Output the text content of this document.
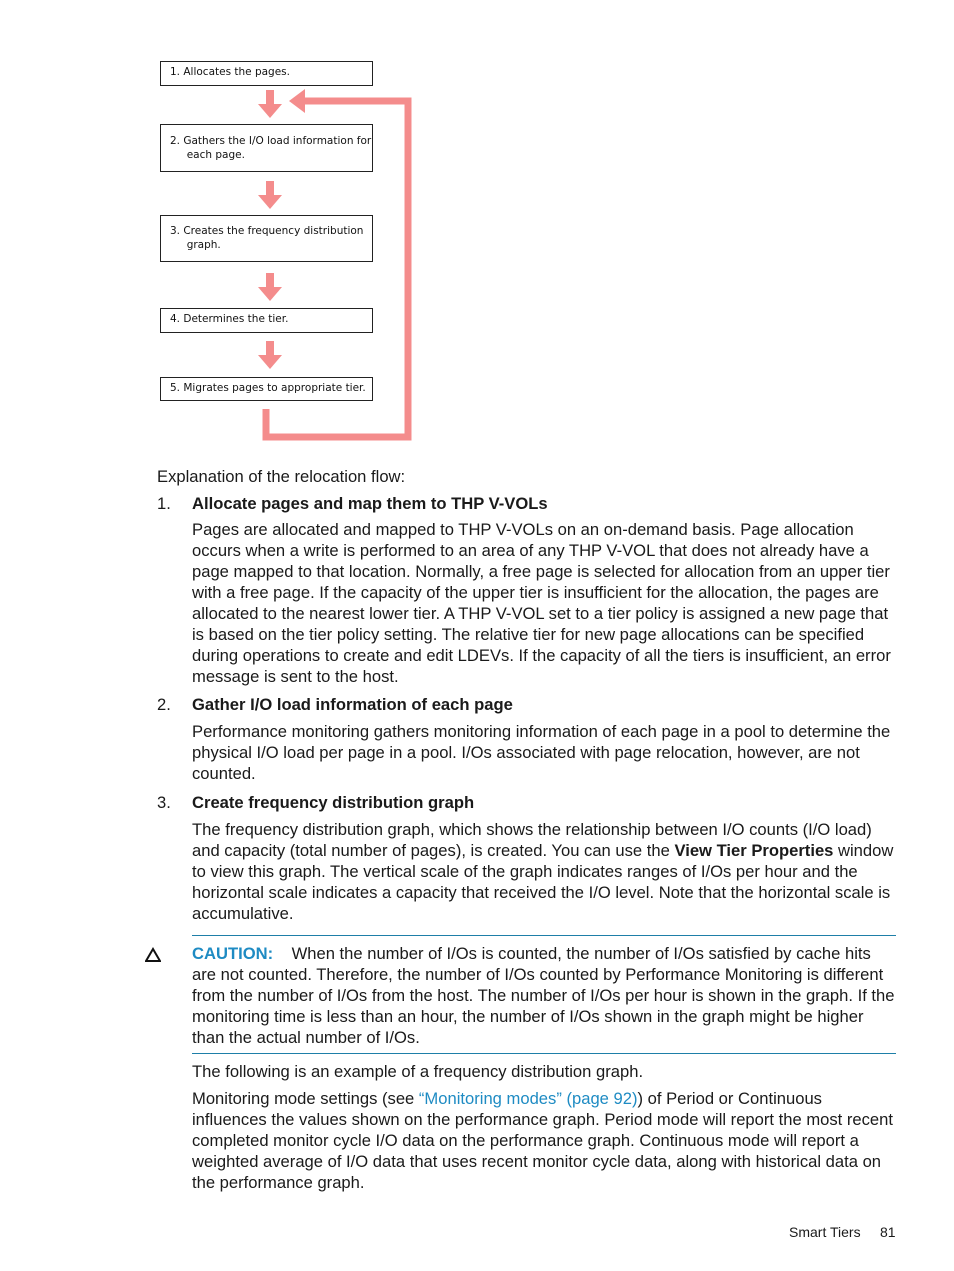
1. Allocates the pages.
2. Gathers the I/O load information for
each page.
3. Creates the frequency distribution
graph.
4. Determines the tier.
5. Migrates pages to appropriate tier.
Explanation of the relocation flow:
1. Allocate pages and map them to THP V-VOLs
Pages are allocated and mapped to THP V-VOLs on an on-demand basis. Page allocation occurs when a write is performed to an area of any THP V-VOL that does not already have a page mapped to that location. Normally, a free page is selected for allocation from an upper tier with a free page. If the capacity of the upper tier is insufficient for the allocation, the pages are allocated to the nearest lower tier. A THP V-VOL set to a tier policy is assigned a new page that is based on the tier policy setting. The relative tier for new page allocations can be specified during operations to create and edit LDEVs. If the capacity of all the tiers is insufficient, an error message is sent to the host.
2. Gather I/O load information of each page
Performance monitoring gathers monitoring information of each page in a pool to determine the physical I/O load per page in a pool. I/Os associated with page relocation, however, are not counted.
3. Create frequency distribution graph
The frequency distribution graph, which shows the relationship between I/O counts (I/O load) and capacity (total number of pages), is created. You can use the View Tier Properties window to view this graph. The vertical scale of the graph indicates ranges of I/Os per hour and the horizontal scale indicates a capacity that received the I/O level. Note that the horizontal scale is accumulative.
CAUTION: When the number of I/Os is counted, the number of I/Os satisfied by cache hits are not counted. Therefore, the number of I/Os counted by Performance Monitoring is different from the number of I/Os from the host. The number of I/Os per hour is shown in the graph. If the monitoring time is less than an hour, the number of I/Os shown in the graph might be higher than the actual number of I/Os.
The following is an example of a frequency distribution graph.
Monitoring mode settings (see “Monitoring modes” (page 92)) of Period or Continuous influences the values shown on the performance graph. Period mode will report the most recent completed monitor cycle I/O data on the performance graph. Continuous mode will report a weighted average of I/O data that uses recent monitor cycle data, along with historical data on the performance graph.
Smart Tiers 81
